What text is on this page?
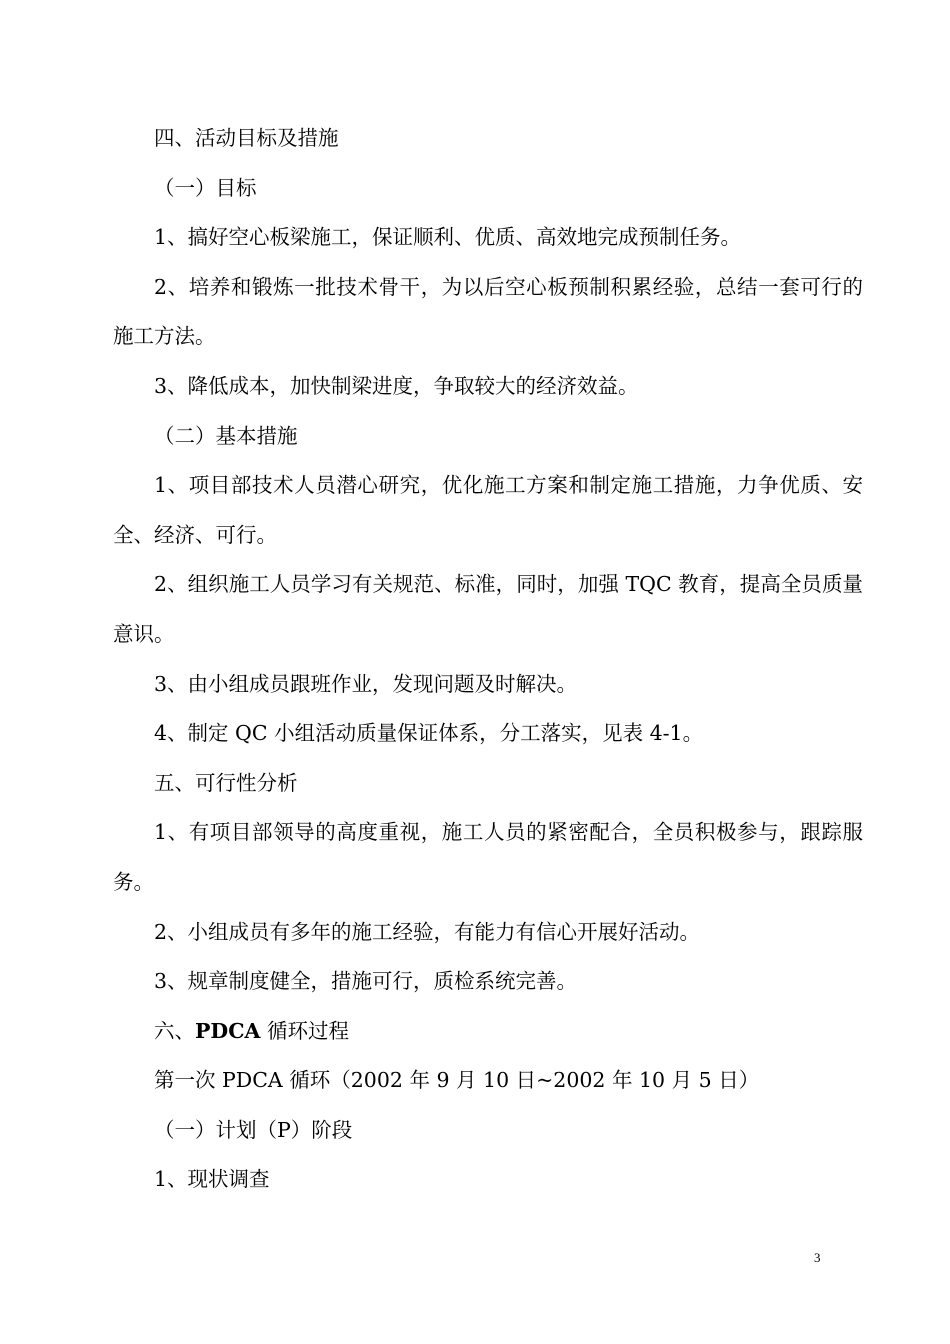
四、活动目标及措施

（一）目标

1、搞好空心板梁施工，保证顺利、优质、高效地完成预制任务。

2、培养和锻炼一批技术骨干，为以后空心板预制积累经验，总结一套可行的施工方法。

3、降低成本，加快制梁进度，争取较大的经济效益。

（二）基本措施

1、项目部技术人员潜心研究，优化施工方案和制定施工措施，力争优质、安全、经济、可行。

2、组织施工人员学习有关规范、标准，同时，加强 TQC 教育，提高全员质量意识。

3、由小组成员跟班作业，发现问题及时解决。

4、制定 QC 小组活动质量保证体系，分工落实，见表 4-1。

五、可行性分析

1、有项目部领导的高度重视，施工人员的紧密配合，全员积极参与，跟踪服务。

2、小组成员有多年的施工经验，有能力有信心开展好活动。

3、规章制度健全，措施可行，质检系统完善。

六、PDCA 循环过程

第一次 PDCA 循环（2002 年 9 月 10 日~2002 年 10 月 5 日）

（一）计划（P）阶段

1、现状调查

3
